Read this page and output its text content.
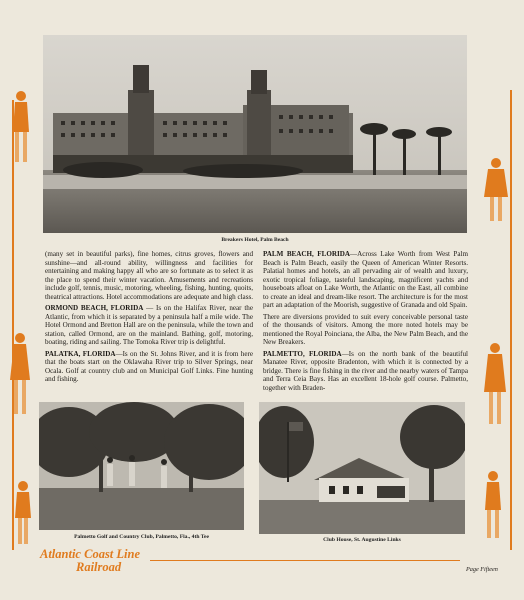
Breakers Hotel, Palm Beach

(many set in beautiful parks), fine homes, citrus groves, flowers and sunshine—and all-round ability, willingness and facilities for entertaining and making happy all who are so fortunate as to select it as the place to spend their winter vacation. Amusements and recreations include golf, tennis, music, motoring, wheeling, fishing, hunting, quoits, theatrical attractions. Hotel accommodations are adequate and high class.

ORMOND BEACH, FLORIDA — Is on the Halifax River, near the Atlantic, from which it is separated by a peninsula half a mile wide. The Hotel Ormond and Bretton Hall are on the peninsula, while the town and station, called Ormond, are on the mainland. Bathing, golf, motoring, boating, riding and sailing. The Tomoka River trip is delightful.

PALATKA, FLORIDA—Is on the St. Johns River, and it is from here that the boats start on the Oklawaha River trip to Silver Springs, near Ocala. Golf at country club and on Municipal Golf Links. Fine hunting and fishing.

PALM BEACH, FLORIDA—Across Lake Worth from West Palm Beach is Palm Beach, easily the Queen of American Winter Resorts. Palatial homes and hotels, an all pervading air of wealth and luxury, exotic tropical foliage, tasteful landscaping, magnificent yachts and houseboats afloat on Lake Worth, the Atlantic on the East, all combine to create an ideal and dream-like resort. The architecture is for the most part an adaptation of the Moorish, suggestive of Granada and old Spain.

There are diversions provided to suit every conceivable personal taste of the thousands of visitors. Among the more noted hotels may be mentioned the Royal Poinciana, the Alba, the New Palm Beach, and the New Breakers.

PALMETTO, FLORIDA—Is on the north bank of the beautiful Manatee River, opposite Bradenton, with which it is connected by a bridge. There is fine fishing in the river and the nearby waters of Tampa and Terra Ceia Bays. Has an excellent 18-hole golf course. Palmetto, together with Braden-

Palmetto Golf and Country Club, Palmetto, Fla., 4th Tee	Club House, St. Augustine Links
Atlantic Coast Line
Railroad	Page Fifteen
